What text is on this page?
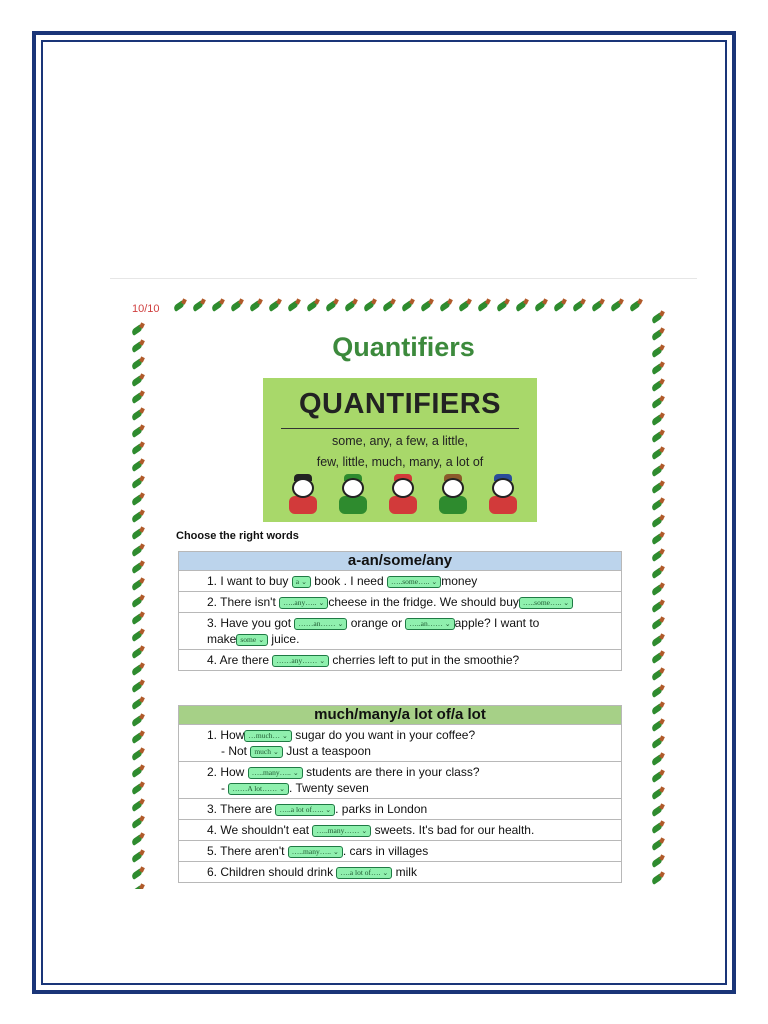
10/10
Quantifiers
QUANTIFIERS
some, any, a few, a little,
few, little, much, many, a lot of
Choose the right words
a-an/some/any
1. I want to buy a ⌄ book . I need …..some….. ⌄ money
2. There isn't …..any….. ⌄ cheese in the fridge. We should buy …..some….. ⌄
3. Have you got ……an…… ⌄ orange or …..an…… ⌄ apple? I want to
make some ⌄ juice.
4. Are there ……any…… ⌄ cherries left to put in the smoothie?
much/many/a lot of/a lot
1. How …much… ⌄ sugar do you want in your coffee?
- Not much ⌄ Just a teaspoon
2. How …..many….. ⌄ students are there in your class?
- ……A lot…… ⌄ . Twenty seven
3. There are …..a lot of….. ⌄ . parks in London
4. We shouldn't eat …..many…… ⌄ sweets. It's bad for our health.
5. There aren't …..many….. ⌄ . cars in villages
6. Children should drink ….a lot of…. ⌄ milk
